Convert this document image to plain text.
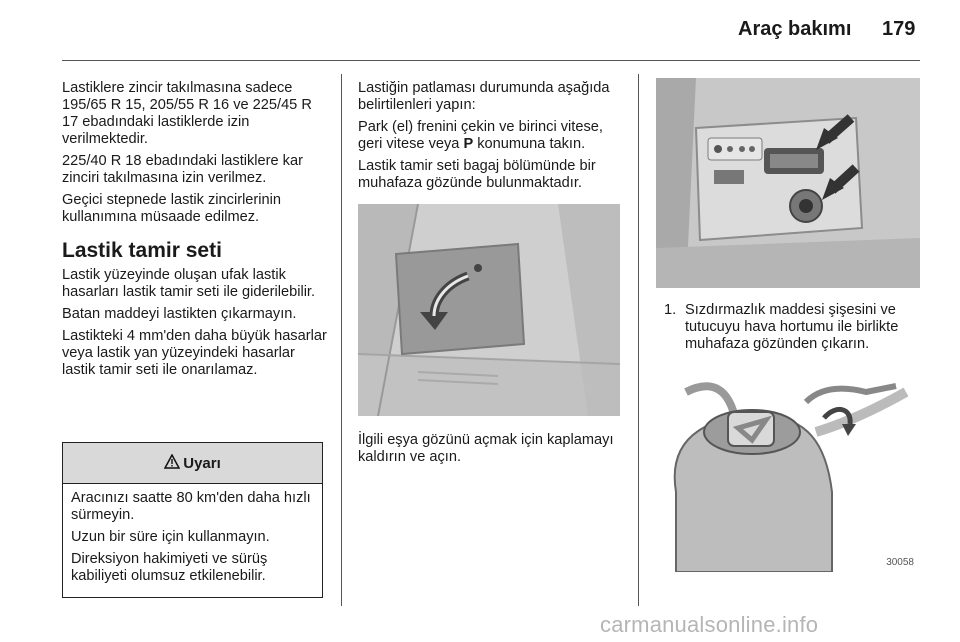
Araç bakımı 179

Lastiklere zincir takılmasına sadece 195/65 R 15, 205/55 R 16 ve 225/45 R 17 ebadındaki lastiklerde izin verilmektedir.

225/40 R 18 ebadındaki lastiklere kar zinciri takılmasına izin verilmez.

Geçici stepnede lastik zincirlerinin kullanımına müsaade edilmez.

Lastik tamir seti

Lastik yüzeyinde oluşan ufak lastik hasarları lastik tamir seti ile giderilebilir.

Batan maddeyi lastikten çıkarmayın.

Lastikteki 4 mm'den daha büyük hasarlar veya lastik yan yüzeyindeki hasarlar lastik tamir seti ile onarılamaz.

Uyarı

Aracınızı saatte 80 km'den daha hızlı sürmeyin.

Uzun bir süre için kullanmayın.

Direksiyon hakimiyeti ve sürüş kabiliyeti olumsuz etkilenebilir.

Lastiğin patlaması durumunda aşağıda belirtilenleri yapın:

Park (el) frenini çekin ve birinci vitese, geri vitese veya P konumuna takın.

Lastik tamir seti bagaj bölümünde bir muhafaza gözünde bulunmaktadır.

İlgili eşya gözünü açmak için kaplamayı kaldırın ve açın.
1. Sızdırmazlık maddesi şişesini ve tutucuyu hava hortumu ile birlikte muhafaza gözünden çıkarın.
30058
carmanualsonline.info
